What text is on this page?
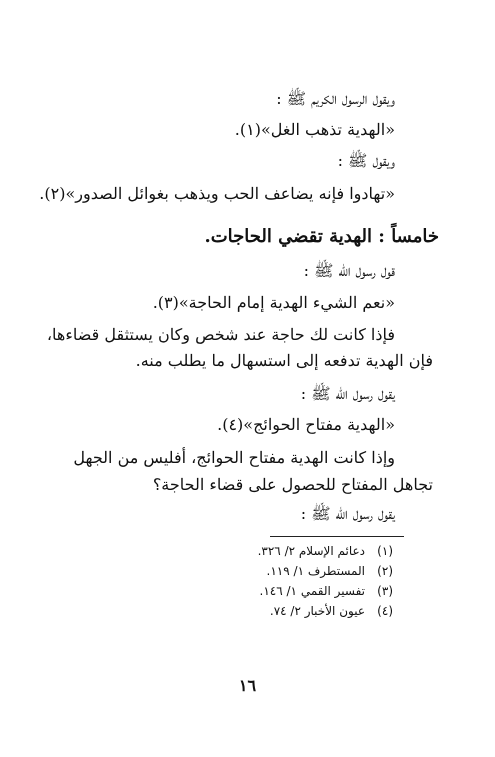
ويقول الرسول الكريم ﷺ :
«الهدية تذهب الغل»(١).
ويقول ﷺ :
«تهادوا فإنه يضاعف الحب ويذهب بغوائل الصدور»(٢).
خامساً : الهدية تقضي الحاجات.
قول رسول الله ﷺ :
«نعم الشيء الهدية إمام الحاجة»(٣).
فإذا كانت لك حاجة عند شخص وكان يستثقل قضاءها،
فإن الهدية تدفعه إلى استسهال ما يطلب منه.
يقول رسول الله ﷺ :
«الهدية مفتاح الحوائج»(٤).
وإذا كانت الهدية مفتاح الحوائج، أفليس من الجهل
تجاهل المفتاح للحصول على قضاء الحاجة؟
يقول رسول الله ﷺ :
(١)دعائم الإسلام ٢/ ٣٢٦.
(٢)المستطرف ١/ ١١٩.
(٣)تفسير القمي ١/ ١٤٦.
(٤)عيون الأخبار ٢/ ٧٤.
١٦
